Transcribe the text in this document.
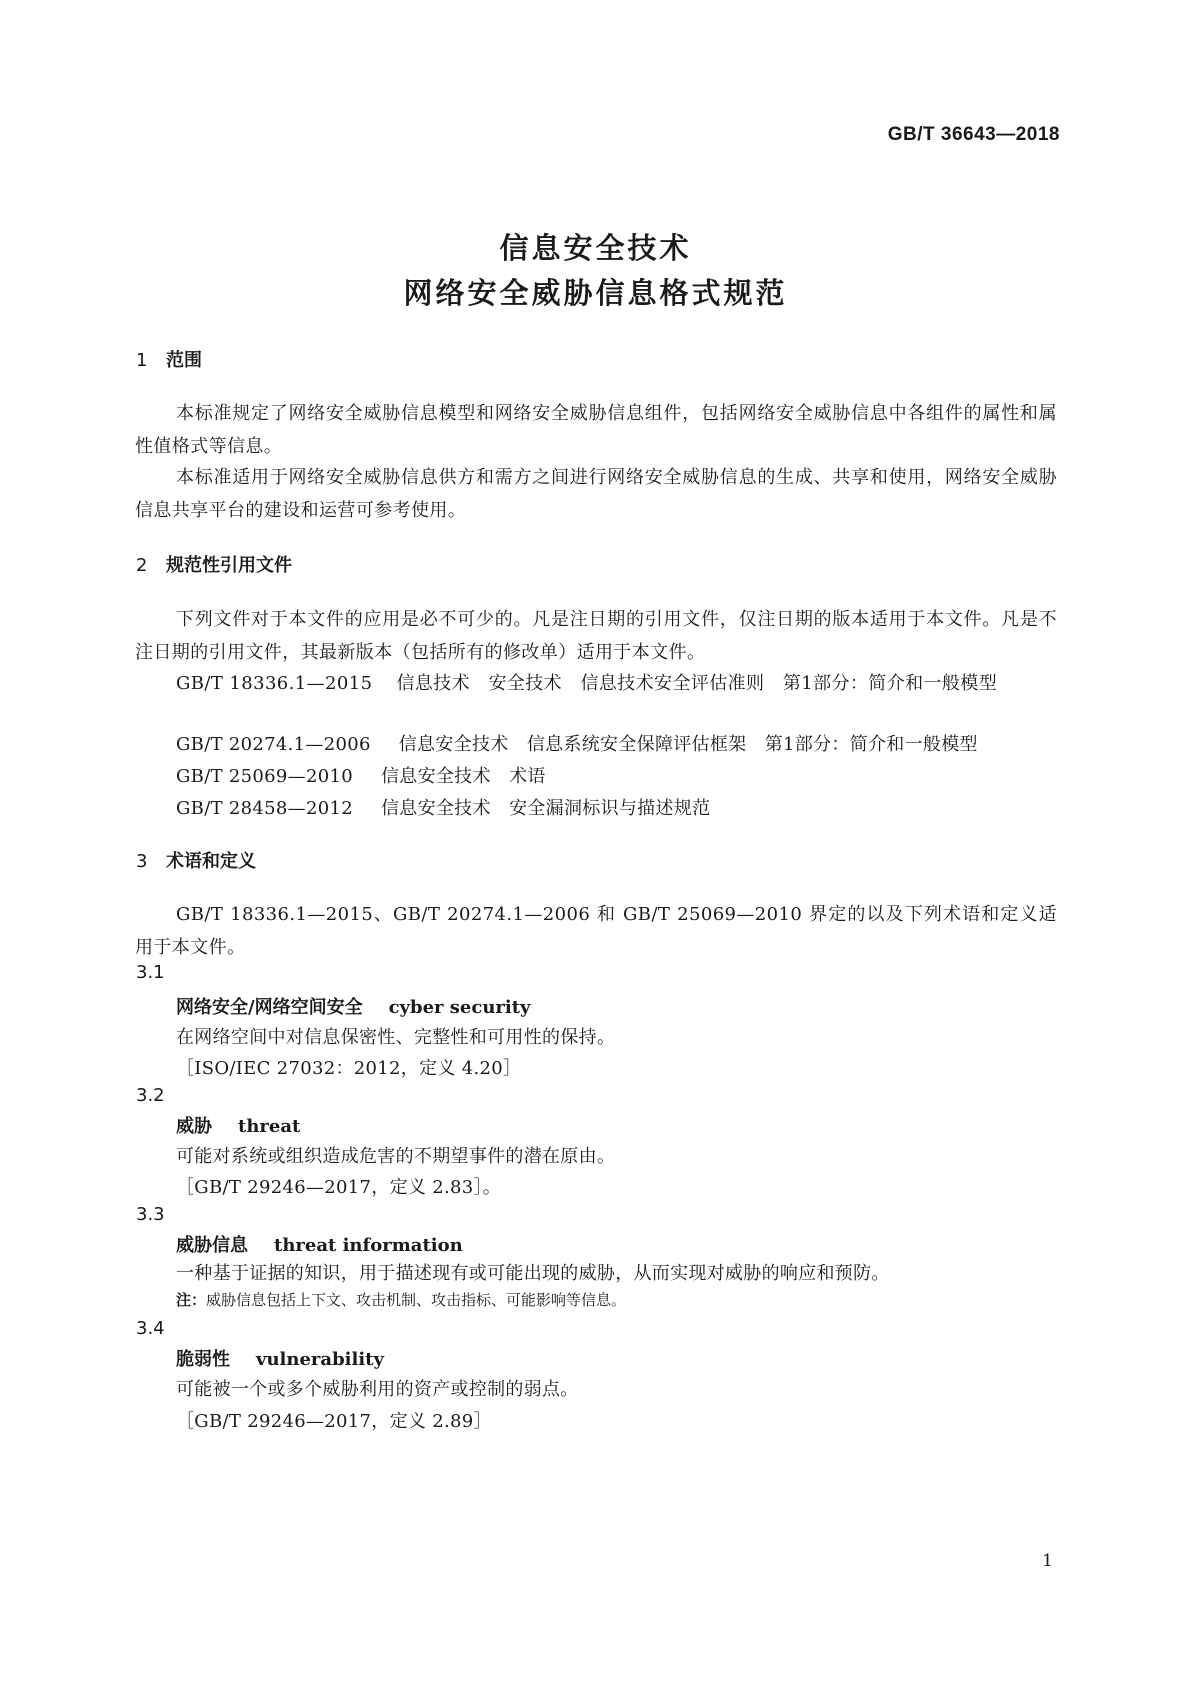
GB/T 36643—2018
信息安全技术
网络安全威胁信息格式规范
1 范围
本标准规定了网络安全威胁信息模型和网络安全威胁信息组件，包括网络安全威胁信息中各组件的属性和属性值格式等信息。
本标准适用于网络安全威胁信息供方和需方之间进行网络安全威胁信息的生成、共享和使用，网络安全威胁信息共享平台的建设和运营可参考使用。
2 规范性引用文件
下列文件对于本文件的应用是必不可少的。凡是注日期的引用文件，仅注日期的版本适用于本文件。凡是不注日期的引用文件，其最新版本（包括所有的修改单）适用于本文件。
GB/T 18336.1—2015 信息技术　安全技术　信息技术安全评估准则　第1部分：简介和一般模型
GB/T 20274.1—2006 信息安全技术　信息系统安全保障评估框架　第1部分：简介和一般模型
GB/T 25069—2010 信息安全技术　术语
GB/T 28458—2012 信息安全技术　安全漏洞标识与描述规范
3 术语和定义
GB/T 18336.1—2015、GB/T 20274.1—2006 和 GB/T 25069—2010 界定的以及下列术语和定义适用于本文件。
3.1
网络安全/网络空间安全 cyber security
在网络空间中对信息保密性、完整性和可用性的保持。
［ISO/IEC 27032：2012，定义 4.20］
3.2
威胁 threat
可能对系统或组织造成危害的不期望事件的潜在原由。
［GB/T 29246—2017，定义 2.83］。
3.3
威胁信息 threat information
一种基于证据的知识，用于描述现有或可能出现的威胁，从而实现对威胁的响应和预防。
注：威胁信息包括上下文、攻击机制、攻击指标、可能影响等信息。
3.4
脆弱性 vulnerability
可能被一个或多个威胁利用的资产或控制的弱点。
［GB/T 29246—2017，定义 2.89］
1
